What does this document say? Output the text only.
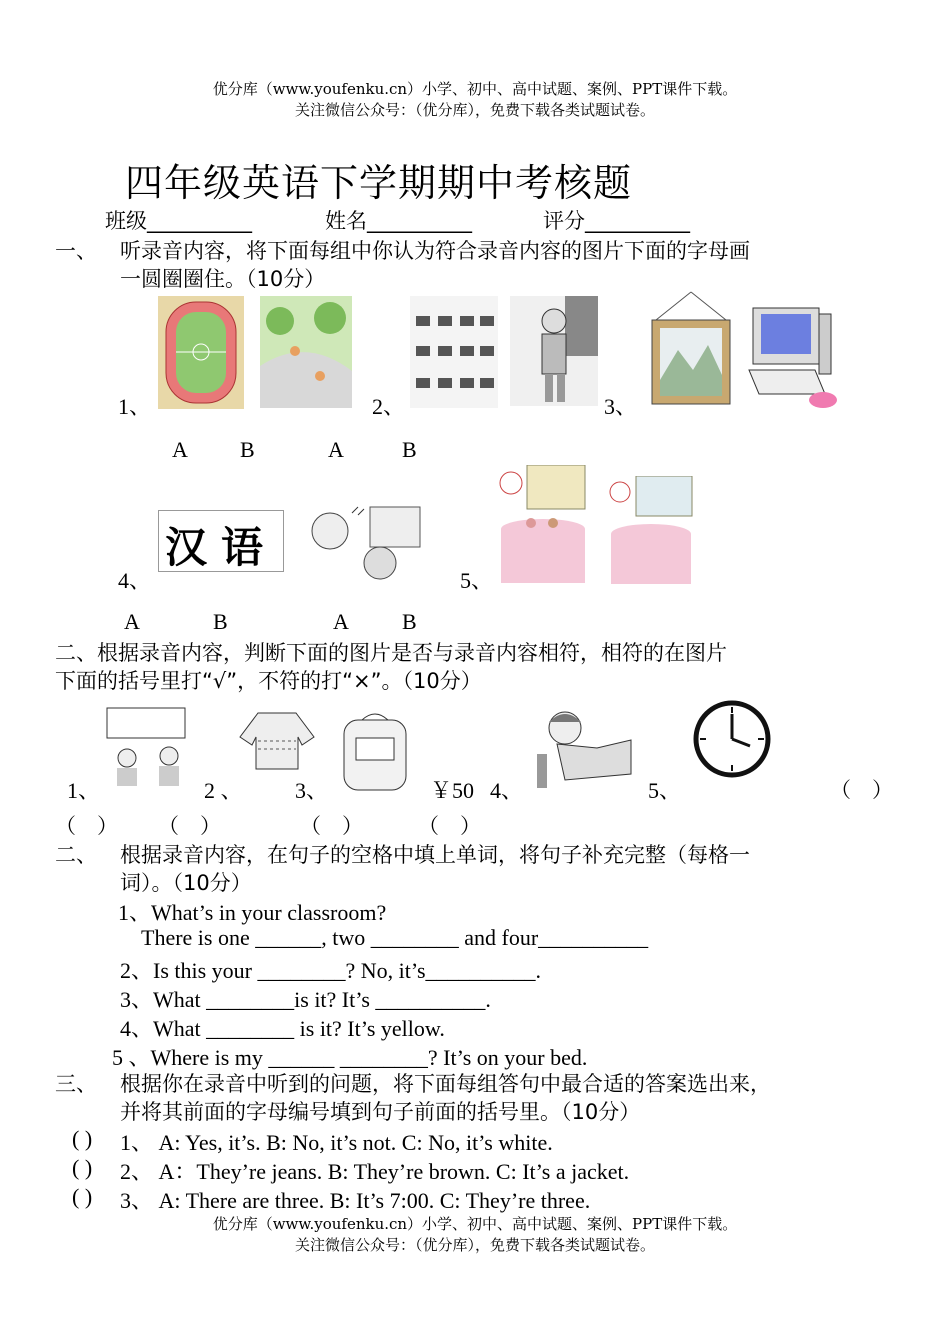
优分库（www.youfenku.cn）小学、初中、高中试题、案例、PPT课件下载。
关注微信公众号：（优分库），免费下载各类试题试卷。
四年级英语下学期期中考核题
班级__________	姓名__________	评分__________
一、 听录音内容，将下面每组中你认为符合录音内容的图片下面的字母画
一圆圈圈住。（10分）
1、	2、	3、
A B	A	B
汉语
4、	5、
A	B	A B
二、根据录音内容，判断下面的图片是否与录音内容相符，相符的在图片
下面的括号里打“√”，不符的打“×”。（10分）
1、	2 、 3、	￥50 4、	5、	（　）
（　） （　）	（　）	（　）
二、 根据录音内容，在句子的空格中填上单词，将句子补充完整（每格一
词）。（10分）
1、What’s in your classroom?
There is one ______, two ________ and four__________
2、Is this your ________? No, it’s__________.
3、What ________is it? It’s __________.
4、What ________ is it? It’s yellow.
5 、Where is my ______ ________? It’s on your bed.
三、 根据你在录音中听到的问题，将下面每组答句中最合适的答案选出来，
并将其前面的字母编号填到句子前面的括号里。（10分）
( ) 1、 A: Yes, it’s. B: No, it’s not. C: No, it’s white.
( ) 2、 A：They’re jeans. B: They’re brown. C: It’s a jacket.
( ) 3、 A: There are three. B: It’s 7:00. C: They’re three.
优分库（www.youfenku.cn）小学、初中、高中试题、案例、PPT课件下载。
关注微信公众号：（优分库），免费下载各类试题试卷。
